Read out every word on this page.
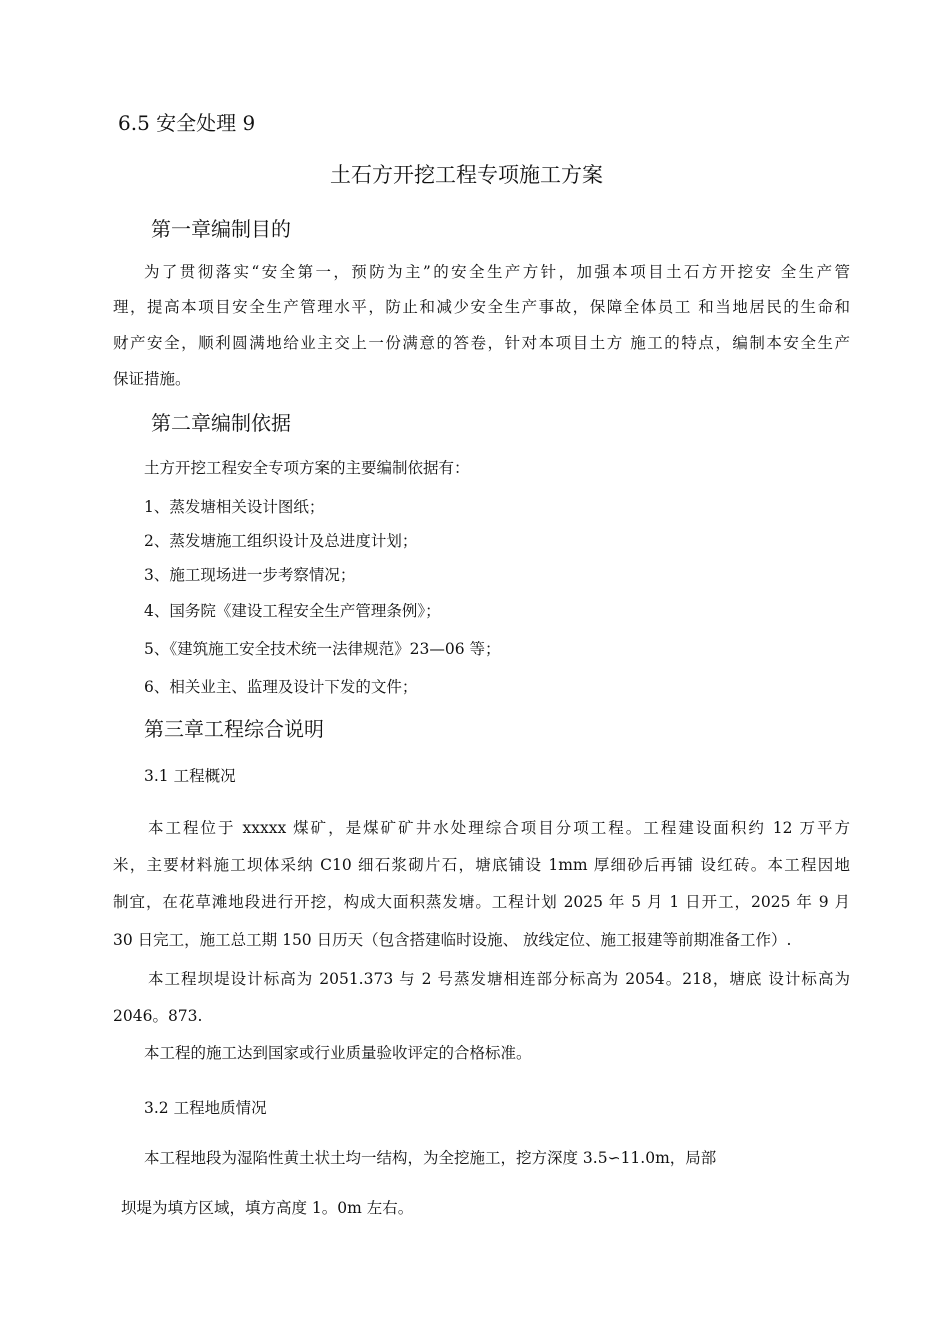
6.5 安全处理 9
土石方开挖工程专项施工方案
第一章编制目的
为了贯彻落实“安全第一，预防为主”的安全生产方针，加强本项目土石方开挖安 全生产管
理，提高本项目安全生产管理水平，防止和减少安全生产事故，保障全体员工 和当地居民的生命和
财产安全，顺利圆满地给业主交上一份满意的答卷，针对本项目土方 施工的特点，编制本安全生产
保证措施。
第二章编制依据
土方开挖工程安全专项方案的主要编制依据有：
1、蒸发塘相关设计图纸；
2、蒸发塘施工组织设计及总进度计划；
3、施工现场进一步考察情况；
4、国务院《建设工程安全生产管理条例》；
5、《建筑施工安全技术统一法律规范》23—06 等；
6、相关业主、监理及设计下发的文件；
第三章工程综合说明
3.1 工程概况
本工程位于 xxxxx 煤矿，是煤矿矿井水处理综合项目分项工程。工程建设面积约 12 万平方
米，主要材料施工坝体采纳 C10 细石浆砌片石，塘底铺设 1mm 厚细砂后再铺 设红砖。本工程因地
制宜，在花草滩地段进行开挖，构成大面积蒸发塘。工程计划 2025 年 5 月 1 日开工，2025 年 9 月
30 日完工，施工总工期 150 日历天（包含搭建临时设施、 放线定位、施工报建等前期准备工作）.
本工程坝堤设计标高为 2051.373 与 2 号蒸发塘相连部分标高为 2054。218，塘底 设计标高为
2046。873.
本工程的施工达到国家或行业质量验收评定的合格标准。
3.2 工程地质情况
本工程地段为湿陷性黄土状土均一结构，为全挖施工，挖方深度 3.5∽11.0m，局部
坝堤为填方区域，填方高度 1。0m 左右。
